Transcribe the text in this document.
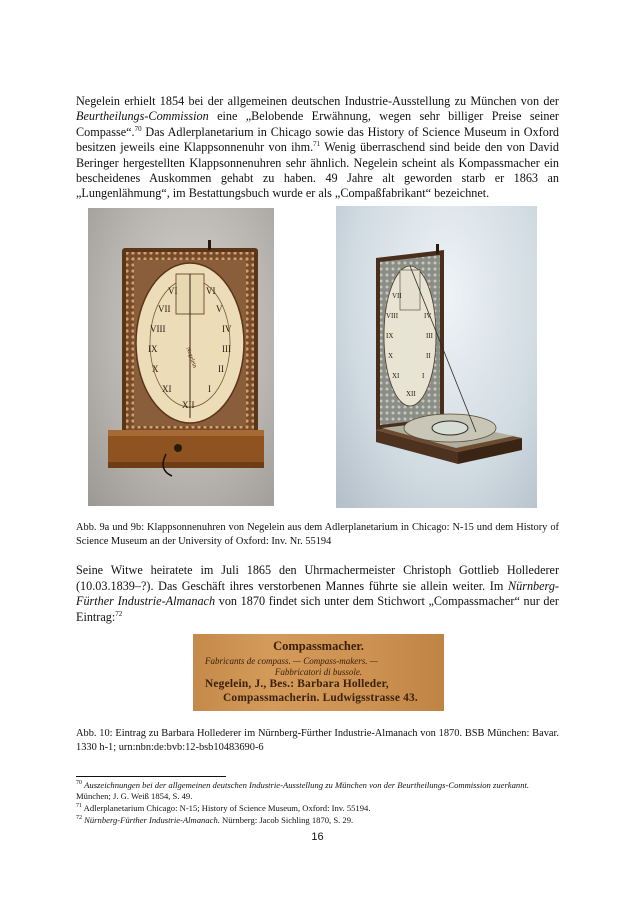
Negelein erhielt 1854 bei der allgemeinen deutschen Industrie-Ausstellung zu München von der Beurtheilungs-Commission eine „Belobende Erwähnung, wegen sehr billiger Preise seiner Compasse“.$^{70}$ Das Adlerplanetarium in Chicago sowie das History of Science Museum in Oxford besitzen jeweils eine Klappsonnenuhr von ihm.$^{71}$ Wenig überraschend sind beide den von David Beringer hergestellten Klappsonnenuhren sehr ähnlich. Negelein scheint als Kompassmacher ein bescheidenes Auskommen gehabt zu haben. 49 Jahre alt geworden starb er 1863 an „Lungenlähmung“, im Bestattungsbuch wurde er als „Compaßfabrikant“ bezeichnet.

Negelein
VI
VII
VIII
IX
X
XI
XII
I
II
III
IV
V
VI	VII
VIII
IX
X
XI
XII
I
II
III
IV

Abb. 9a und 9b: Klappsonnenuhren von Negelein aus dem Adlerplanetarium in Chicago: N-15 und dem History of Science Museum an der University of Oxford: Inv. Nr. 55194

Seine Witwe heiratete im Juli 1865 den Uhrmachermeister Christoph Gottlieb Hollederer (10.03.1839–?). Das Geschäft ihres verstorbenen Mannes führte sie allein weiter. Im Nürnberg-Fürther Industrie-Almanach von 1870 findet sich unter dem Stichwort „Compassmacher“ nur der Eintrag:$^{72}$

Compassmacher.
Fabricants de compass. — Compass-makers. —
Fabbricatori di bussole.
Negelein, J., Bes.: Barbara Holleder,
Compassmacherin. Ludwigsstrasse 43.

Abb. 10: Eintrag zu Barbara Hollederer im Nürnberg-Fürther Industrie-Almanach von 1870. BSB München: Bavar. 1330 h-1; urn:nbn:de:bvb:12-bsb10483690-6

$^{70}$ Auszeichnungen bei der allgemeinen deutschen Industrie-Ausstellung zu München von der Beurtheilungs-Commission zuerkannt. München; J. G. Weiß 1854, S. 49.

$^{71}$ Adlerplanetarium Chicago: N-15; History of Science Museum, Oxford: Inv. 55194.

$^{72}$ Nürnberg-Fürther Industrie-Almanach. Nürnberg: Jacob Sichling 1870, S. 29.

16
